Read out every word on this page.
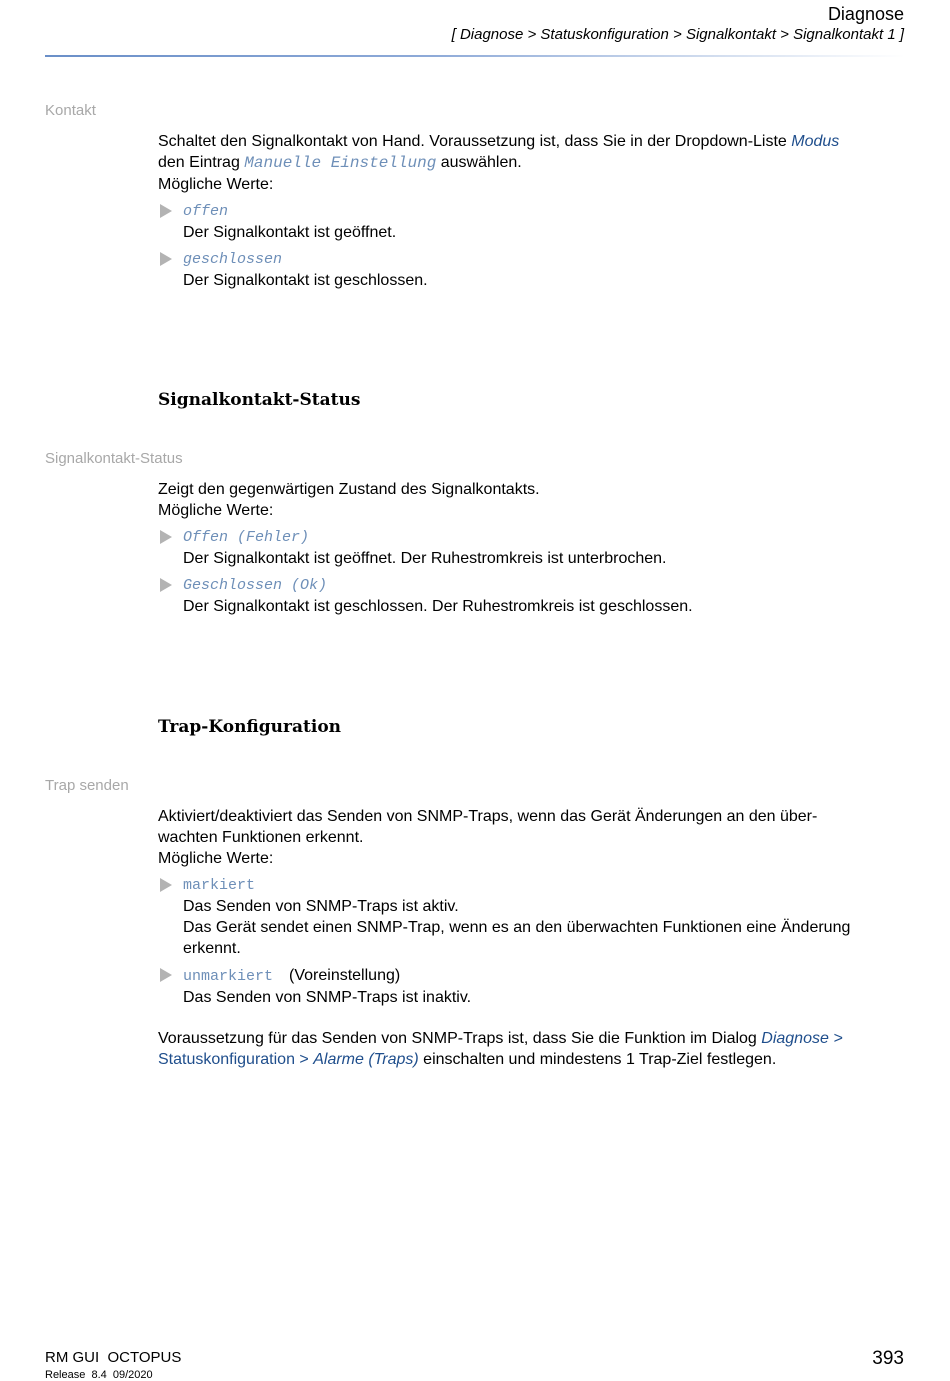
Diagnose
[ Diagnose > Statuskonfiguration > Signalkontakt > Signalkontakt 1 ]
Kontakt

Schaltet den Signalkontakt von Hand. Voraussetzung ist, dass Sie in der Dropdown-Liste Modus
den Eintrag Manuelle Einstellung auswählen.

Mögliche Werte:

offen
Der Signalkontakt ist geöffnet.
geschlossen
Der Signalkontakt ist geschlossen.
Signalkontakt-Status
Signalkontakt-Status

Zeigt den gegenwärtigen Zustand des Signalkontakts.

Mögliche Werte:

Offen (Fehler)
Der Signalkontakt ist geöffnet. Der Ruhestromkreis ist unterbrochen.
Geschlossen (Ok)
Der Signalkontakt ist geschlossen. Der Ruhestromkreis ist geschlossen.
Trap-Konfiguration
Trap senden

Aktiviert/deaktiviert das Senden von SNMP-Traps, wenn das Gerät Änderungen an den über-
wachten Funktionen erkennt.

Mögliche Werte:

markiert
Das Senden von SNMP-Traps ist aktiv.
Das Gerät sendet einen SNMP-Trap, wenn es an den überwachten Funktionen eine Änderung erkennt.
unmarkiert (Voreinstellung)
Das Senden von SNMP-Traps ist inaktiv.

Voraussetzung für das Senden von SNMP-Traps ist, dass Sie die Funktion im Dialog Diagnose >
Statuskonfiguration > Alarme (Traps) einschalten und mindestens 1 Trap-Ziel festlegen.

RM GUI  OCTOPUS
Release  8.4  09/2020
393
